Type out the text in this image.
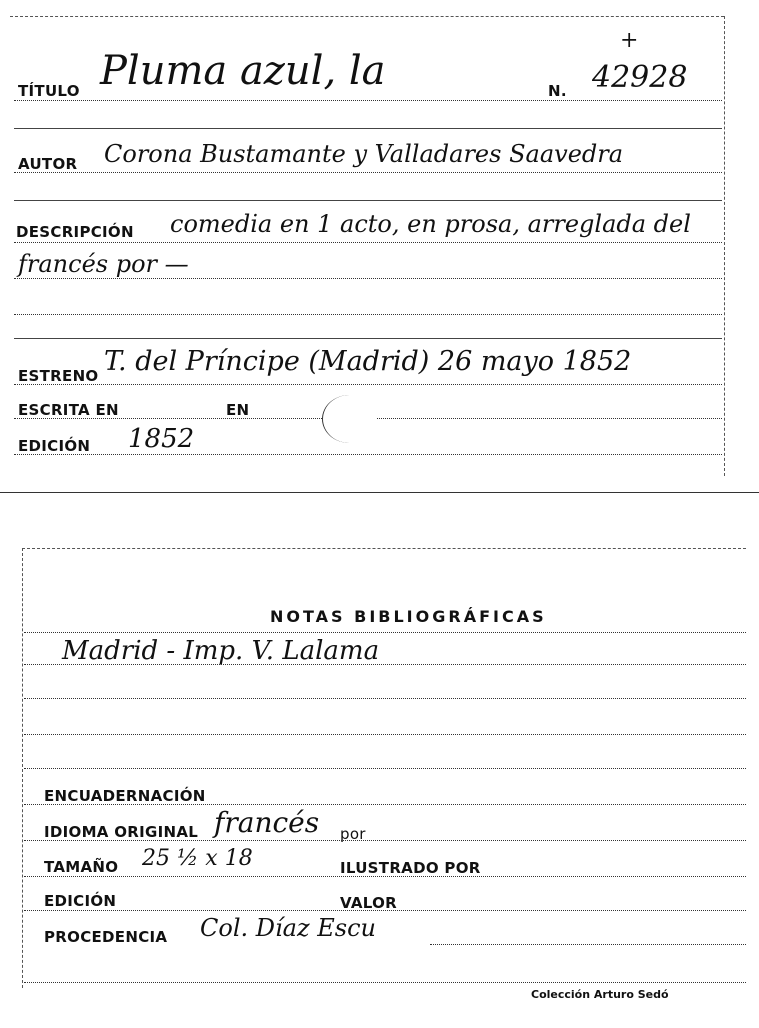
TÍTULO Pluma azul, la	N. 42928
+
AUTOR Corona Bustamante y Valladares Saavedra
DESCRIPCIÓN comedia en 1 acto, en prosa, arreglada del
francés por —
ESTRENO T. del Príncipe (Madrid) 26 mayo 1852
ESCRITA EN	EN
EDICIÓN 1852
NOTAS BIBLIOGRÁFICAS
Madrid - Imp. V. Lalama
ENCUADERNACIÓN
IDIOMA ORIGINAL francés por
TAMAÑO 25 ½ x 18	ILUSTRADO POR
EDICIÓN	VALOR
PROCEDENCIA Col. Díaz Escu
Colección Arturo Sedó
